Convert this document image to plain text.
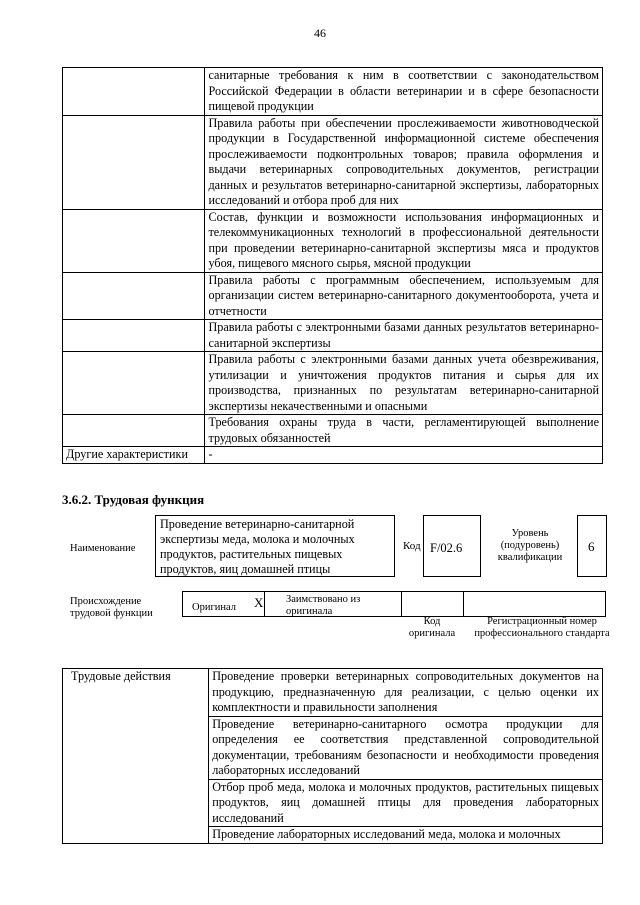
46
	санитарные требования к ним в соответствии с законодательством Российской Федерации в области ветеринарии и в сфере безопасности пищевой продукции
	Правила работы при обеспечении прослеживаемости животноводческой продукции в Государственной информационной системе обеспечения прослеживаемости подконтрольных товаров; правила оформления и выдачи ветеринарных сопроводительных документов, регистрации данных и результатов ветеринарно-санитарной экспертизы, лабораторных исследований и отбора проб для них
	Состав, функции и возможности использования информационных и телекоммуникационных технологий в профессиональной деятельности при проведении ветеринарно-санитарной экспертизы мяса и продуктов убоя, пищевого мясного сырья, мясной продукции
	Правила работы с программным обеспечением, используемым для организации систем ветеринарно-санитарного документооборота, учета и отчетности
	Правила работы с электронными базами данных результатов ветеринарно-санитарной экспертизы
	Правила работы с электронными базами данных учета обезвреживания, утилизации и уничтожения продуктов питания и сырья для их производства, признанных по результатам ветеринарно-санитарной экспертизы некачественными и опасными
	Требования охраны труда в части, регламентирующей выполнение трудовых обязанностей
Другие характеристики	-
3.6.2. Трудовая функция
Наименование
Проведение ветеринарно-санитарной экспертизы меда, молока и молочных продуктов, растительных пищевых продуктов, яиц домашней птицы
Код F/02.6
Уровень (подуровень) квалификации
6
Происхождение трудовой функции
Оригинал X Заимствовано из оригинала
Код оригинала
Регистрационный номер профессионального стандарта
Трудовые действия	Проведение проверки ветеринарных сопроводительных документов на продукцию, предназначенную для реализации, с целью оценки их комплектности и правильности заполнения
Проведение ветеринарно-санитарного осмотра продукции для определения ее соответствия представленной сопроводительной документации, требованиям безопасности и необходимости проведения лабораторных исследований
Отбор проб меда, молока и молочных продуктов, растительных пищевых продуктов, яиц домашней птицы для проведения лабораторных исследований
Проведение лабораторных исследований меда, молока и молочных
